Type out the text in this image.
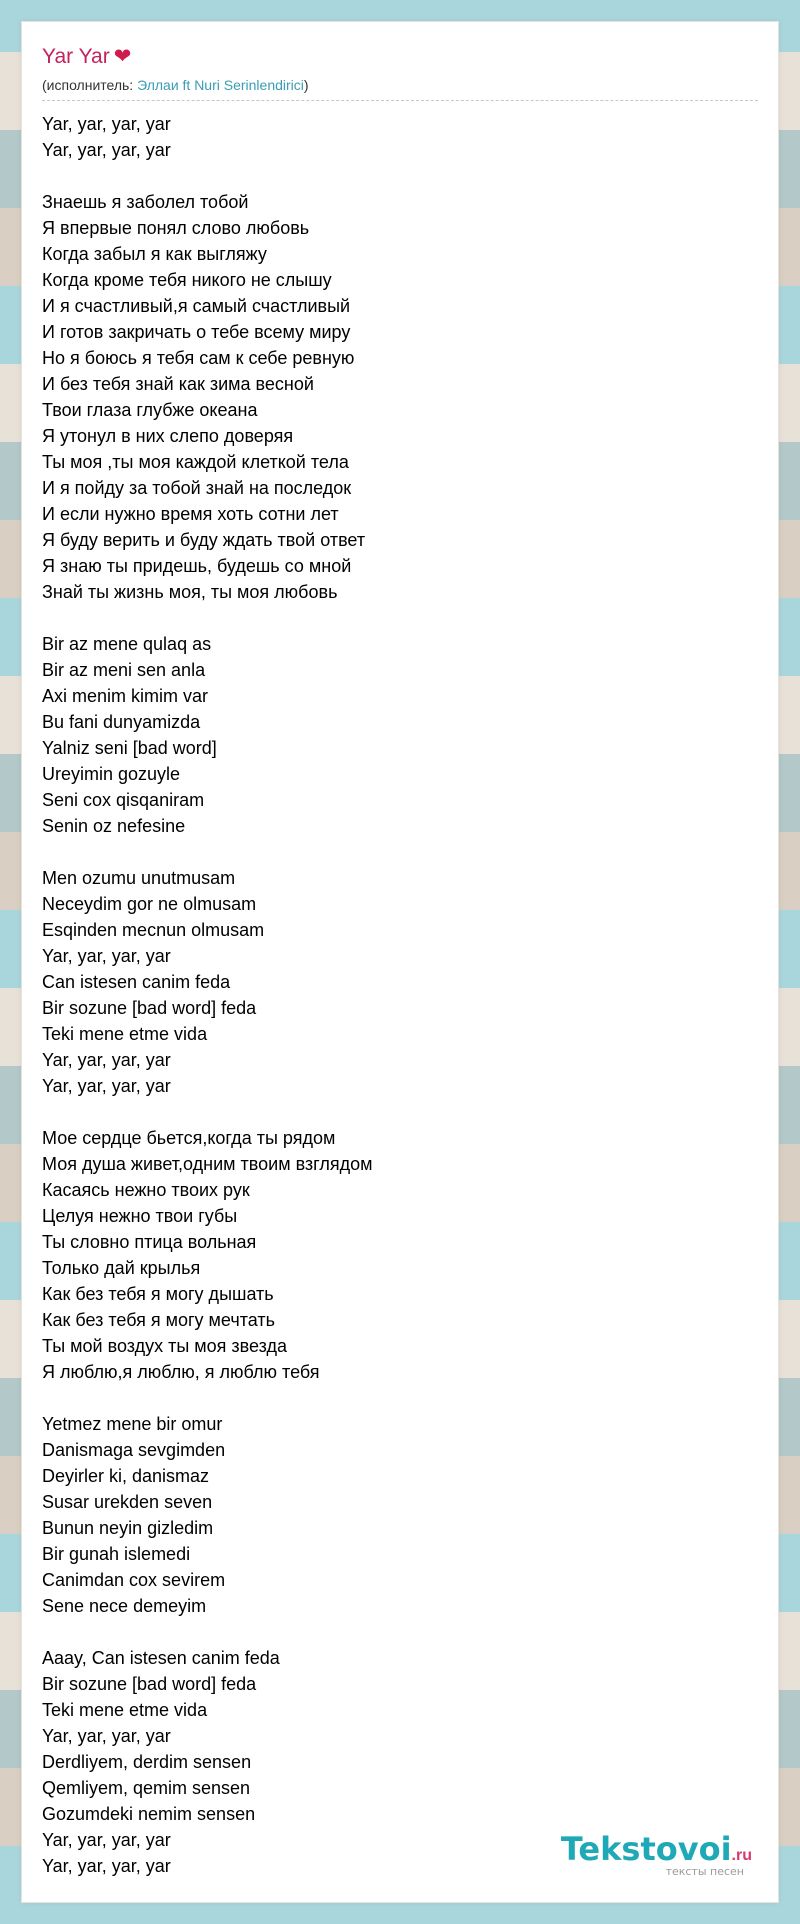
Yar Yar ❤
(исполнитель: Эллаи ft Nuri Serinlendirici)
Yar, yar, yar, yar
Yar, yar, yar, yar
Знаешь я заболел тобой
Я впервые понял слово любовь
Когда забыл я как выгляжу
Когда кроме тебя никого не слышу
И я счастливый,я самый счастливый
И готов закричать о тебе всему миру
Но я боюсь я тебя сам к себе ревную
И без тебя знай как зима весной
Твои глаза глубже океана
Я утонул в них слепо доверяя
Ты моя ,ты моя каждой клеткой тела
И я пойду за тобой знай на последок
И если нужно время хоть сотни лет
Я буду верить и буду ждать твой ответ
Я знаю ты придешь, будешь со мной
Знай ты жизнь моя, ты моя любовь
Bir az mene qulaq as
Bir az meni sen anla
Axi menim kimim var
Bu fani dunyamizda
Yalniz seni [bad word]
Ureyimin gozuyle
Seni cox qisqaniram
Senin oz nefesine
Men ozumu unutmusam
Neceydim gor ne olmusam
Esqinden mecnun olmusam
Yar, yar, yar, yar
Can istesen canim feda
Bir sozune [bad word] feda
Teki mene etme vida
Yar, yar, yar, yar
Yar, yar, yar, yar
Мое сердце бьется,когда ты рядом
Моя душа живет,одним твоим взглядом
Касаясь нежно твоих рук
Целуя нежно твои губы
Ты словно птица вольная
Только дай крылья
Как без тебя я могу дышать
Как без тебя я могу мечтать
Ты мой воздух ты моя звезда
Я люблю,я люблю, я люблю тебя
Yetmez mene bir omur
Danismaga sevgimden
Deyirler ki, danismaz
Susar urekden seven
Bunun neyin gizledim
Bir gunah islemedi
Canimdan cox sevirem
Sene nece demeyim
Aaay, Can istesen canim feda
Bir sozune [bad word] feda
Teki mene etme vida
Yar, yar, yar, yar
Derdliyem, derdim sensen
Qemliyem, qemim sensen
Gozumdeki nemim sensen
Yar, yar, yar, yar
Yar, yar, yar, yar	Tekstovoi.ru
тексты песен
